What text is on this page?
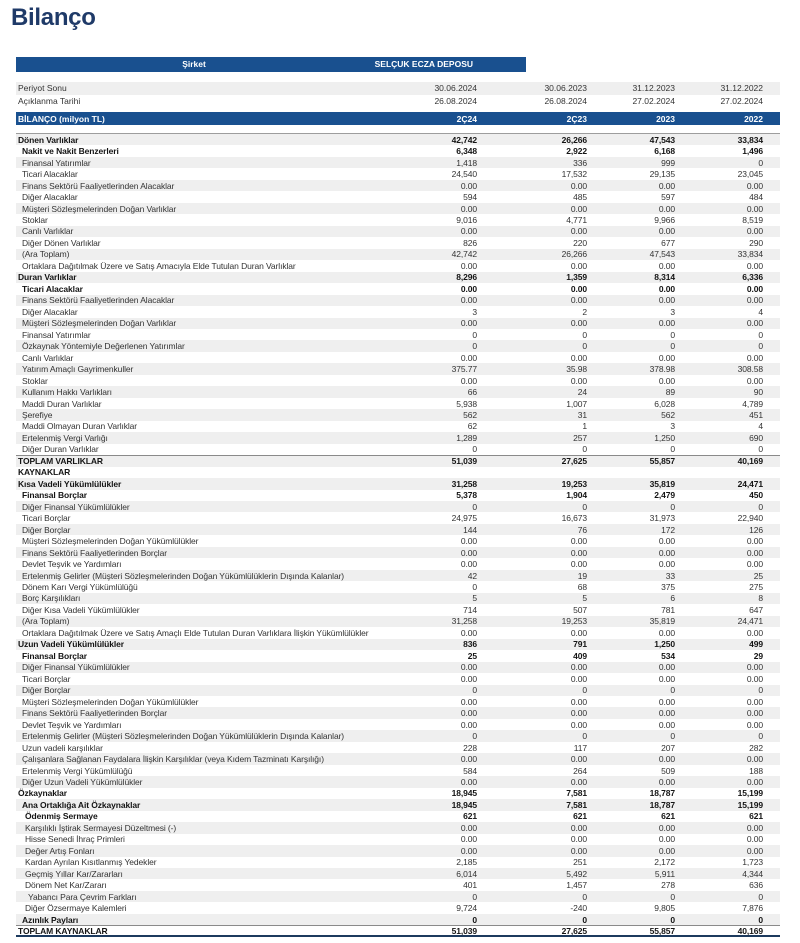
Bilanço
Şirket	SELÇUK ECZA DEPOSU
Periyot Sonu	30.06.2024	30.06.2023	31.12.2023	31.12.2022
Açıklanma Tarihi	26.08.2024	26.08.2024	27.02.2024	27.02.2024
BİLANÇO (milyon TL)	2Ç24	2Ç23	2023	2022
Dönen Varlıklar	42,742	26,266	47,543	33,834
Nakit ve Nakit Benzerleri	6,348	2,922	6,168	1,496
Finansal Yatırımlar	1,418	336	999	0
Ticari Alacaklar	24,540	17,532	29,135	23,045
Finans Sektörü Faaliyetlerinden Alacaklar	0.00	0.00	0.00	0.00
Diğer Alacaklar	594	485	597	484
Müşteri Sözleşmelerinden Doğan Varlıklar	0.00	0.00	0.00	0.00
Stoklar	9,016	4,771	9,966	8,519
Canlı Varlıklar	0.00	0.00	0.00	0.00
Diğer Dönen Varlıklar	826	220	677	290
(Ara Toplam)	42,742	26,266	47,543	33,834
Ortaklara Dağıtılmak Üzere ve Satış Amacıyla Elde Tutulan Duran Varlıklar	0.00	0.00	0.00	0.00
Duran Varlıklar	8,296	1,359	8,314	6,336
Ticari Alacaklar	0.00	0.00	0.00	0.00
Finans Sektörü Faaliyetlerinden Alacaklar	0.00	0.00	0.00	0.00
Diğer Alacaklar	3	2	3	4
Müşteri Sözleşmelerinden Doğan Varlıklar	0.00	0.00	0.00	0.00
Finansal Yatırımlar	0	0	0	0
Özkaynak Yöntemiyle Değerlenen Yatırımlar	0	0	0	0
Canlı Varlıklar	0.00	0.00	0.00	0.00
Yatırım Amaçlı Gayrimenkuller	375.77	35.98	378.98	308.58
Stoklar	0.00	0.00	0.00	0.00
Kullanım Hakkı Varlıkları	66	24	89	90
Maddi Duran Varlıklar	5,938	1,007	6,028	4,789
Şerefiye	562	31	562	451
Maddi Olmayan Duran Varlıklar	62	1	3	4
Ertelenmiş Vergi Varlığı	1,289	257	1,250	690
Diğer Duran Varlıklar	0	0	0	0
TOPLAM VARLIKLAR	51,039	27,625	55,857	40,169
KAYNAKLAR
Kısa Vadeli Yükümlülükler	31,258	19,253	35,819	24,471
Finansal Borçlar	5,378	1,904	2,479	450
Diğer Finansal Yükümlülükler	0	0	0	0
Ticari Borçlar	24,975	16,673	31,973	22,940
Diğer Borçlar	144	76	172	126
Müşteri Sözleşmelerinden Doğan Yükümlülükler	0.00	0.00	0.00	0.00
Finans Sektörü Faaliyetlerinden Borçlar	0.00	0.00	0.00	0.00
Devlet Teşvik ve Yardımları	0.00	0.00	0.00	0.00
Ertelenmiş Gelirler (Müşteri Sözleşmelerinden Doğan Yükümlülüklerin Dışında Kalanlar)	42	19	33	25
Dönem Karı Vergi Yükümlülüğü	0	68	375	275
Borç Karşılıkları	5	5	6	8
Diğer Kısa Vadeli Yükümlülükler	714	507	781	647
(Ara Toplam)	31,258	19,253	35,819	24,471
Ortaklara Dağıtılmak Üzere ve Satış Amaçlı Elde Tutulan Duran Varlıklara İlişkin Yükümlülükler	0.00	0.00	0.00	0.00
Uzun Vadeli Yükümlülükler	836	791	1,250	499
Finansal Borçlar	25	409	534	29
Diğer Finansal Yükümlülükler	0.00	0.00	0.00	0.00
Ticari Borçlar	0.00	0.00	0.00	0.00
Diğer Borçlar	0	0	0	0
Müşteri Sözleşmelerinden Doğan Yükümlülükler	0.00	0.00	0.00	0.00
Finans Sektörü Faaliyetlerinden Borçlar	0.00	0.00	0.00	0.00
Devlet Teşvik ve Yardımları	0.00	0.00	0.00	0.00
Ertelenmiş Gelirler (Müşteri Sözleşmelerinden Doğan Yükümlülüklerin Dışında Kalanlar)	0	0	0	0
Uzun vadeli karşılıklar	228	117	207	282
Çalışanlara Sağlanan Faydalara İlişkin Karşılıklar (veya Kıdem Tazminatı Karşılığı)	0.00	0.00	0.00	0.00
Ertelenmiş Vergi Yükümlülüğü	584	264	509	188
Diğer Uzun Vadeli Yükümlülükler	0.00	0.00	0.00	0.00
Özkaynaklar	18,945	7,581	18,787	15,199
Ana Ortaklığa Ait Özkaynaklar	18,945	7,581	18,787	15,199
Ödenmiş Sermaye	621	621	621	621
Karşılıklı İştirak Sermayesi Düzeltmesi (-)	0.00	0.00	0.00	0.00
Hisse Senedi İhraç Primleri	0.00	0.00	0.00	0.00
Değer Artış Fonları	0.00	0.00	0.00	0.00
Kardan Ayrılan Kısıtlanmış Yedekler	2,185	251	2,172	1,723
Geçmiş Yıllar Kar/Zararları	6,014	5,492	5,911	4,344
Dönem Net Kar/Zararı	401	1,457	278	636
Yabancı Para Çevrim Farkları	0	0	0	0
Diğer Özsermaye Kalemleri	9,724	-240	9,805	7,876
Azınlık Payları	0	0	0	0
TOPLAM KAYNAKLAR	51,039	27,625	55,857	40,169
